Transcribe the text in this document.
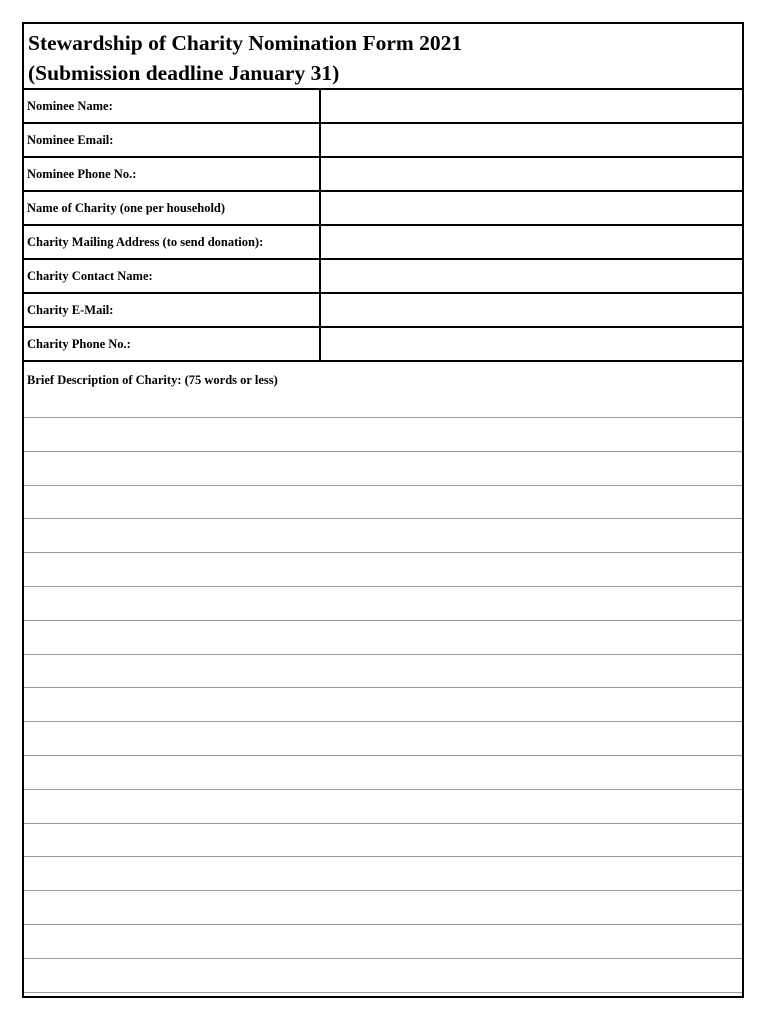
Stewardship of Charity Nomination Form 2021
(Submission deadline January 31)
Nominee Name:
Nominee Email:
Nominee Phone No.:
Name of Charity (one per household)
Charity Mailing Address (to send donation):
Charity Contact Name:
Charity E-Mail:
Charity Phone No.:
Brief Description of Charity: (75 words or less)
